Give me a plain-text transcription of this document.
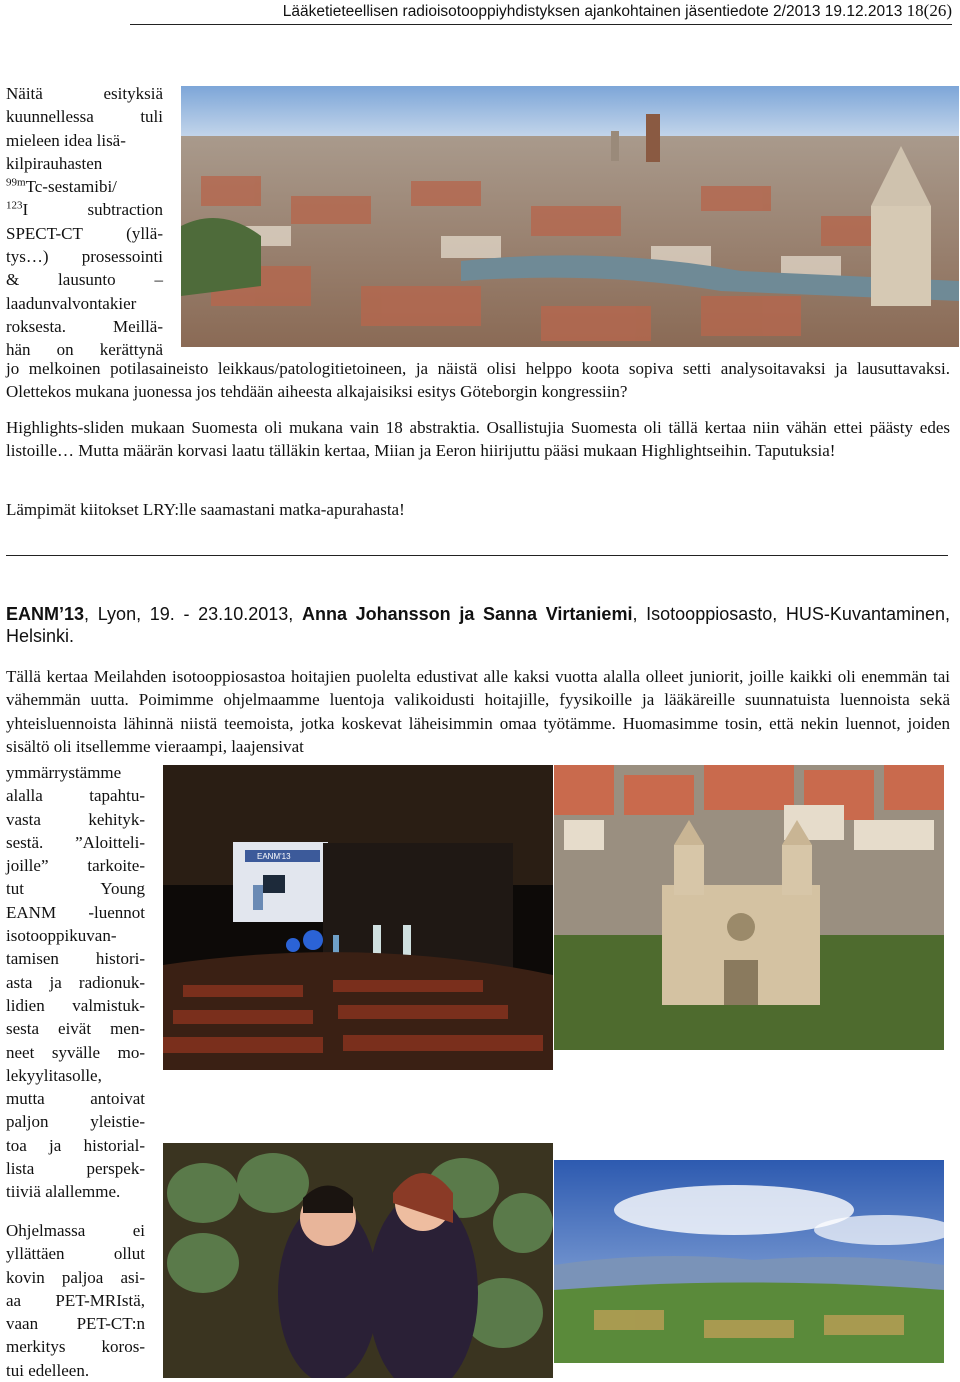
Lääketieteellisen radioisotooppiyhdistyksen ajankohtainen jäsentiedote 2/2013 19.12.2013 18(26)
Näitä esityksiä
kuunnellessa tuli
mieleen idea lisä-
kilpirauhasten
$^{99m}$Tc-sestamibi/
$^{123}$I subtraction
SPECT-CT (yllä-
tys…) prosessointi
& lausunto –
laadunvalvontakier
roksesta. Meillä-
hän on kerättynä

jo melkoinen potilasaineisto leikkaus/patologitietoineen, ja näistä olisi helppo koota sopiva setti analysoitavaksi ja lausuttavaksi. Olettekos mukana juonessa jos tehdään aiheesta alkajaisiksi esitys Göteborgin kongressiin?

Highlights-sliden mukaan Suomesta oli mukana vain 18 abstraktia. Osallistujia Suomesta oli tällä kertaa niin vähän ettei päästy edes listoille… Mutta määrän korvasi laatu tälläkin kertaa, Miian ja Eeron hiirijuttu pääsi mukaan Highlightseihin. Taputuksia!

Lämpimät kiitokset LRY:lle saamastani matka-apurahasta!

EANM’13, Lyon, 19. - 23.10.2013, Anna Johansson ja Sanna Virtaniemi, Isotooppiosasto, HUS-Kuvantaminen, Helsinki.

Tällä kertaa Meilahden isotooppiosastoa hoitajien puolelta edustivat alle kaksi vuotta alalla olleet juniorit, joille kaikki oli enemmän tai vähemmän uutta. Poimimme ohjelmaamme luentoja valikoidusti hoitajille, fyysikoille ja lääkäreille suunnatuista luennoista sekä yhteisluennoista lähinnä niistä teemoista, jotka koskevat läheisimmin omaa työtämme. Huomasimme tosin, että nekin luennot, joiden sisältö oli itsellemme vieraampi, laajensivat

ymmärrystämme
alalla tapahtu-
vasta kehityk-
sestä. ”Aloitteli-
joille” tarkoite-
tut Young
EANM -luennot
isotooppikuvan-
tamisen histori-
asta ja radionuk-
lidien valmistuk-
sesta eivät men-
neet syvälle mo-
lekyylitasolle,
mutta antoivat
paljon yleistie-
toa ja historial-
lista perspek-
tiiviä alallemme.
Ohjelmassa ei
yllättäen ollut
kovin paljoa asi-
aa PET-MRIstä,
vaan PET-CT:n
merkitys koros-
tui edelleen.
EANM'13
